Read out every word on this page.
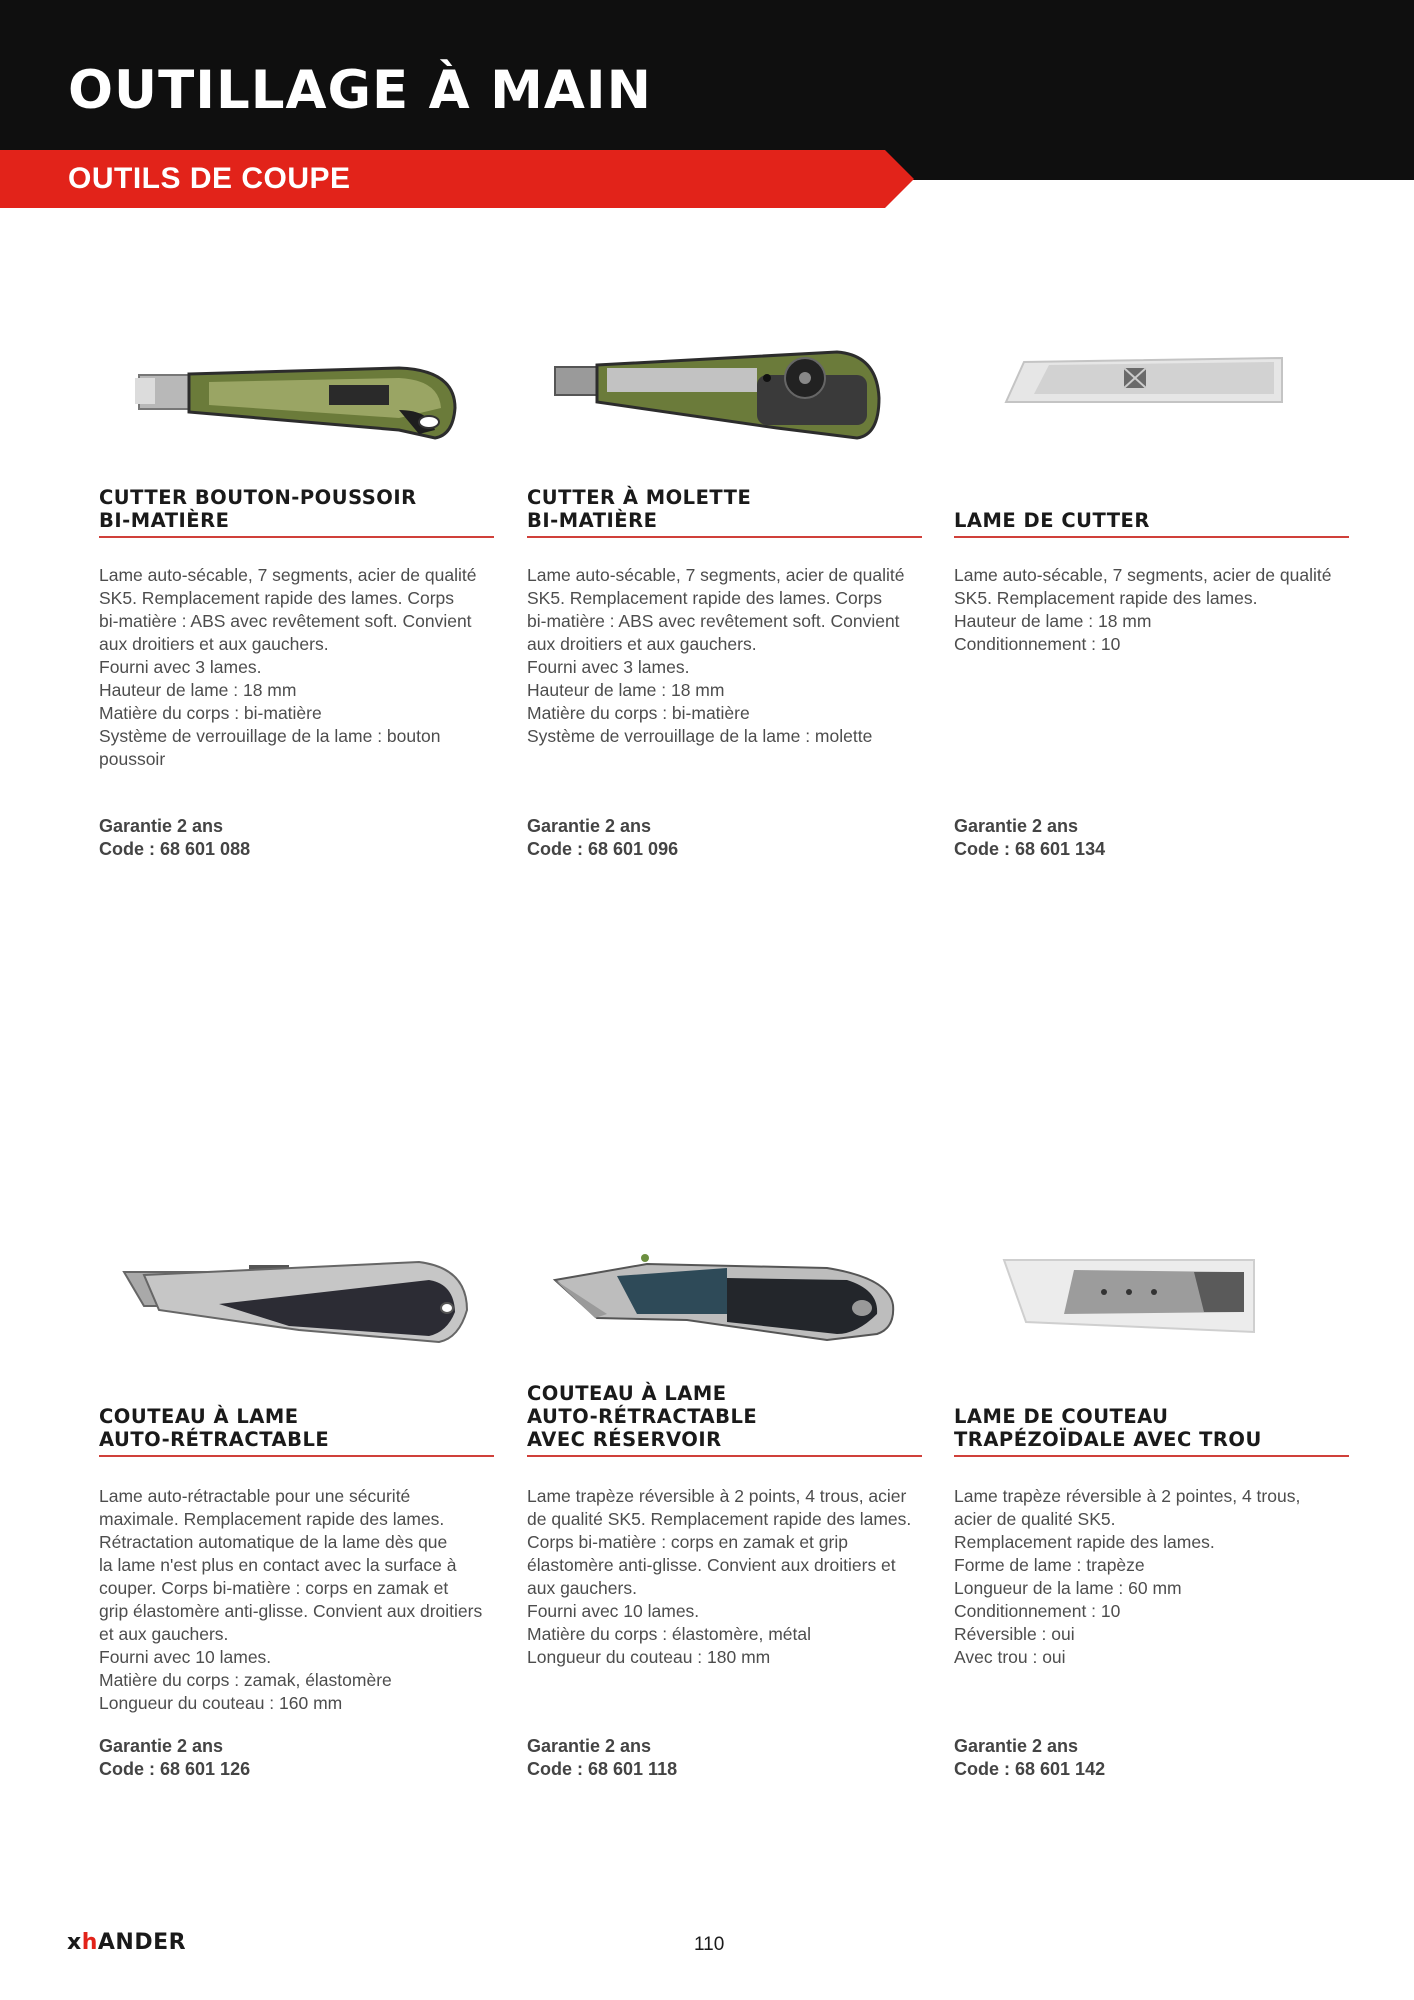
OUTILLAGE À MAIN
OUTILS DE COUPE
CUTTER BOUTON-POUSSOIR
BI-MATIÈRE
Lame auto-sécable, 7 segments, acier de qualité
SK5. Remplacement rapide des lames. Corps
bi-matière : ABS avec revêtement soft. Convient
aux droitiers et aux gauchers.
Fourni avec 3 lames.
Hauteur de lame : 18 mm
Matière du corps : bi-matière
Système de verrouillage de la lame : bouton
poussoir
Garantie 2 ans
Code : 68 601 088
CUTTER À MOLETTE
BI-MATIÈRE
Lame auto-sécable, 7 segments, acier de qualité
SK5. Remplacement rapide des lames. Corps
bi-matière : ABS avec revêtement soft. Convient
aux droitiers et aux gauchers.
Fourni avec 3 lames.
Hauteur de lame : 18 mm
Matière du corps : bi-matière
Système de verrouillage de la lame : molette
Garantie 2 ans
Code : 68 601 096
LAME DE CUTTER
Lame auto-sécable, 7 segments, acier de qualité
SK5. Remplacement rapide des lames.
Hauteur de lame : 18 mm
Conditionnement : 10
Garantie 2 ans
Code : 68 601 134
COUTEAU À LAME
AUTO-RÉTRACTABLE
Lame auto-rétractable pour une sécurité
maximale. Remplacement rapide des lames.
Rétractation automatique de la lame dès que
la lame n'est plus en contact avec la surface à
couper. Corps bi-matière : corps en zamak et
grip élastomère anti-glisse. Convient aux droitiers
et aux gauchers.
Fourni avec 10 lames.
Matière du corps : zamak, élastomère
Longueur du couteau : 160 mm
Garantie 2 ans
Code : 68 601 126
COUTEAU À LAME
AUTO-RÉTRACTABLE
AVEC RÉSERVOIR
Lame trapèze réversible à 2 points, 4 trous, acier
de qualité SK5. Remplacement rapide des lames.
Corps bi-matière : corps en zamak et grip
élastomère anti-glisse. Convient aux droitiers et
aux gauchers.
Fourni avec 10 lames.
Matière du corps : élastomère, métal
Longueur du couteau : 180 mm
Garantie 2 ans
Code : 68 601 118
LAME DE COUTEAU
TRAPÉZOÏDALE AVEC TROU
Lame trapèze réversible à 2 pointes, 4 trous,
acier de qualité SK5.
Remplacement rapide des lames.
Forme de lame : trapèze
Longueur de la lame : 60 mm
Conditionnement : 10
Réversible : oui
Avec trou : oui
Garantie 2 ans
Code : 68 601 142
xhANDER	110
